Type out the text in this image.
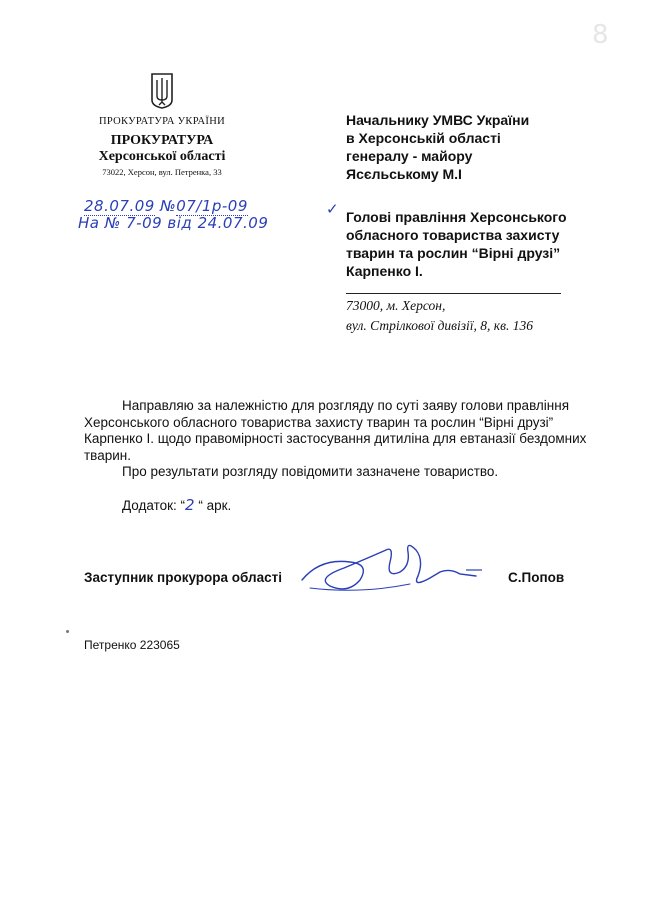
8
ПРОКУРАТУРА УКРАЇНИ
ПРОКУРАТУРА
Херсонської області
73022, Херсон, вул. Петренка, 33
28.07.09 №07/1р-09
На № 7-09 від 24.07.09
Начальнику УМВС України
в Херсонській області
генералу - майору
Ясєльському М.І
✓ Голові правління Херсонського
обласного товариства захисту
тварин та рослин “Вірні друзі”
Карпенко І.
73000, м. Херсон,
вул. Стрілкової дивізії, 8, кв. 136

Направляю за належністю для розгляду по суті заяву голови правління Херсонського обласного товариства захисту тварин та рослин “Вірні друзі” Карпенко І. щодо правомірності застосування дитиліна для евтаназії бездомних тварин.

Про результати розгляду повідомити зазначене товариство.

Додаток: “2 “ арк.

Заступник прокурора області	С.Попов
Петренко 223065
